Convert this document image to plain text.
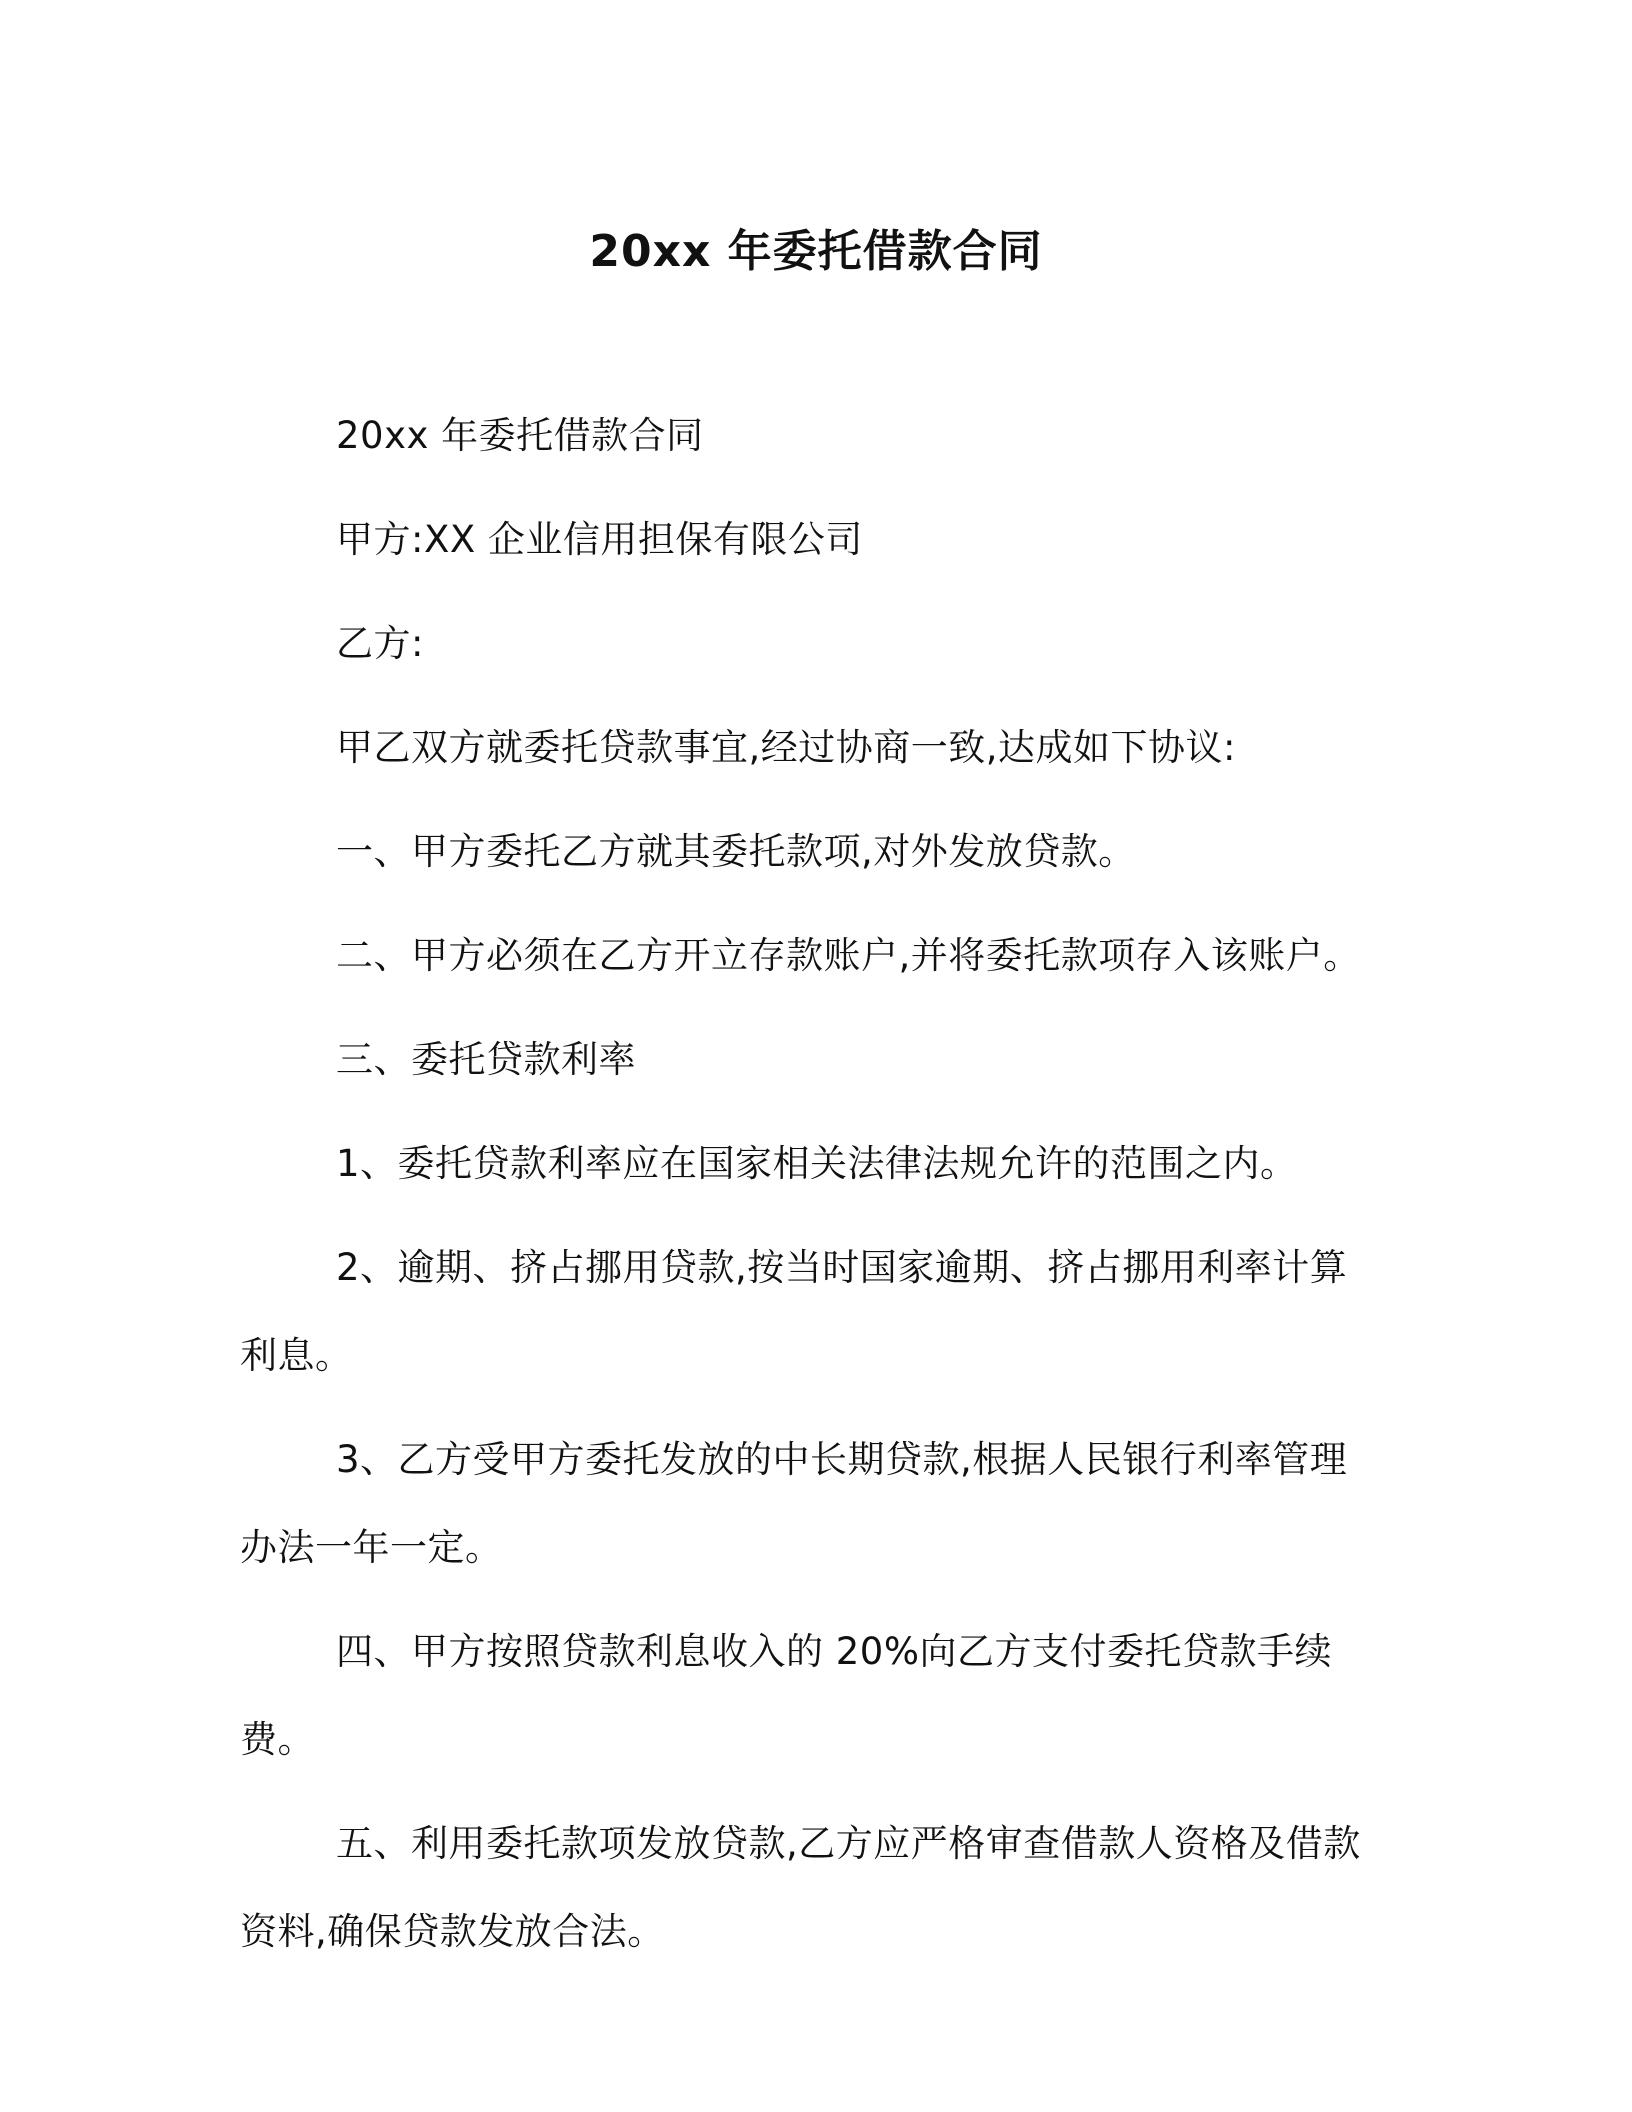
20xx 年委托借款合同

20xx 年委托借款合同

甲方:XX 企业信用担保有限公司

乙方:

甲乙双方就委托贷款事宜,经过协商一致,达成如下协议:

一、甲方委托乙方就其委托款项,对外发放贷款。

二、甲方必须在乙方开立存款账户,并将委托款项存入该账户。

三、委托贷款利率

1、委托贷款利率应在国家相关法律法规允许的范围之内。

2、逾期、挤占挪用贷款,按当时国家逾期、挤占挪用利率计算利息。

3、乙方受甲方委托发放的中长期贷款,根据人民银行利率管理办法一年一定。

四、甲方按照贷款利息收入的 20%向乙方支付委托贷款手续费。

五、利用委托款项发放贷款,乙方应严格审查借款人资格及借款资料,确保贷款发放合法。
